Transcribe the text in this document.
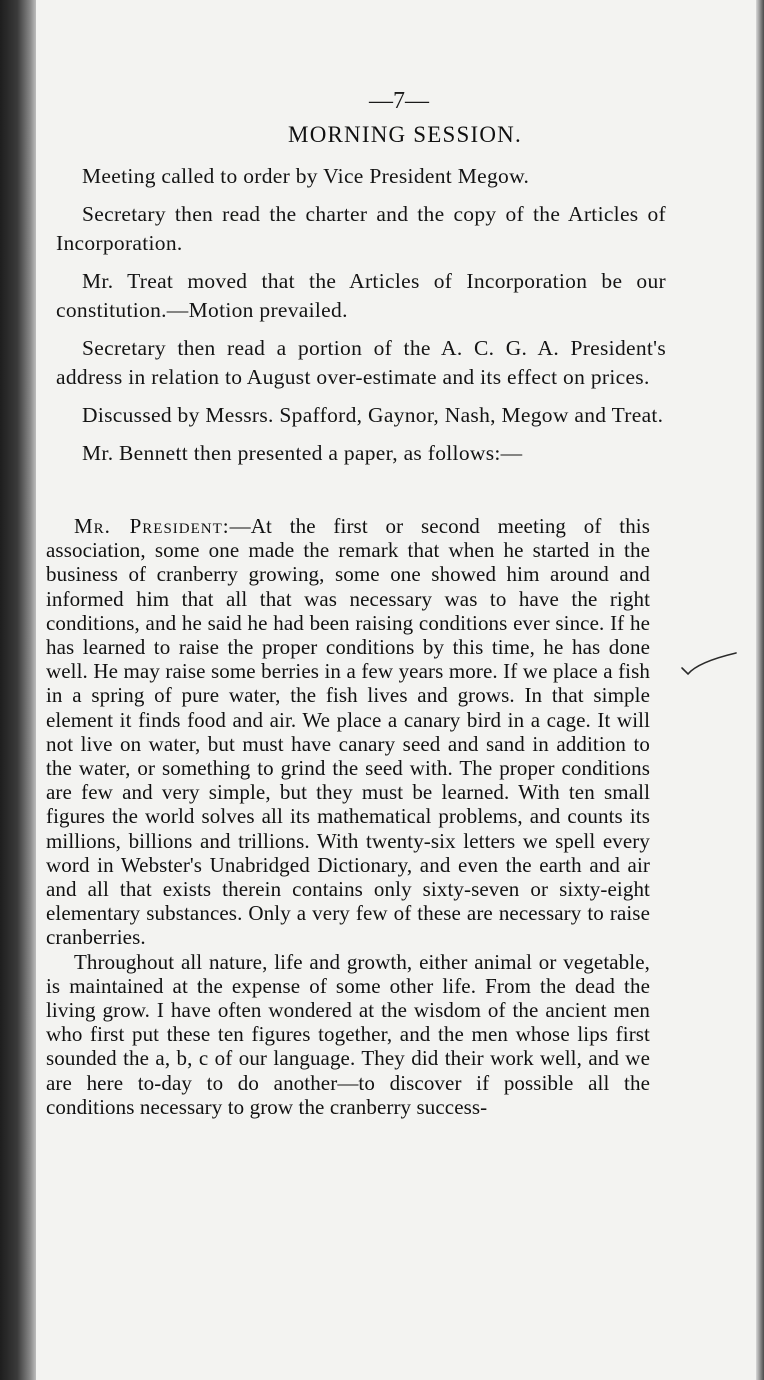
—7—
MORNING SESSION.

Meeting called to order by Vice President Megow.

Secretary then read the charter and the copy of the Articles of Incorporation.

Mr. Treat moved that the Articles of Incorporation be our constitution.—Motion prevailed.

Secretary then read a portion of the A. C. G. A. President's address in relation to August over-estimate and its effect on prices.

Discussed by Messrs. Spafford, Gaynor, Nash, Megow and Treat.

Mr. Bennett then presented a paper, as follows:—

Mr. President:—At the first or second meeting of this association, some one made the remark that when he started in the business of cranberry growing, some one showed him around and informed him that all that was necessary was to have the right conditions, and he said he had been raising conditions ever since. If he has learned to raise the proper conditions by this time, he has done well. He may raise some berries in a few years more. If we place a fish in a spring of pure water, the fish lives and grows. In that simple element it finds food and air. We place a canary bird in a cage. It will not live on water, but must have canary seed and sand in addition to the water, or something to grind the seed with. The proper conditions are few and very simple, but they must be learned. With ten small figures the world solves all its mathematical problems, and counts its millions, billions and trillions. With twenty-six letters we spell every word in Webster's Unabridged Dictionary, and even the earth and air and all that exists therein contains only sixty-seven or sixty-eight elementary substances. Only a very few of these are necessary to raise cranberries.

Throughout all nature, life and growth, either animal or vegetable, is maintained at the expense of some other life. From the dead the living grow. I have often wondered at the wisdom of the ancient men who first put these ten figures together, and the men whose lips first sounded the a, b, c of our language. They did their work well, and we are here to-day to do another—to discover if possible all the conditions necessary to grow the cranberry success-
